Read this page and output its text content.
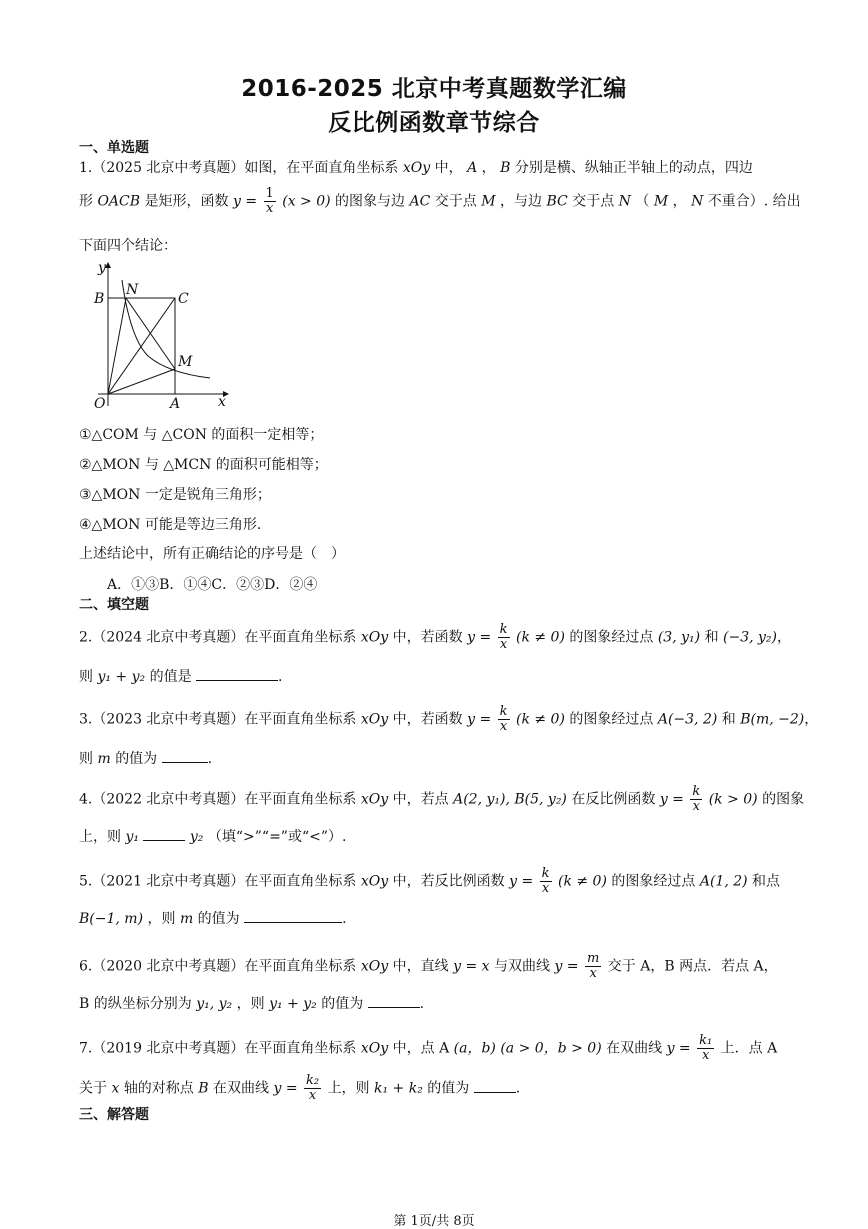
2016-2025 北京中考真题数学汇编
反比例函数章节综合
一、单选题
1.（2025 北京中考真题）如图，在平面直角坐标系 xOy 中， A ， B 分别是横、纵轴正半轴上的动点，四边
形 OACB 是矩形，函数 $y = \frac{1}{x} (x > 0)$ 的图象与边 AC 交于点 M ，与边 BC 交于点 N （ M ， N 不重合）. 给出
下面四个结论：
y
x
O	A
B	C
M
N
①△COM 与 △CON 的面积一定相等；
②△MON 与 △MCN 的面积可能相等；
③△MON 一定是锐角三角形；
④△MON 可能是等边三角形.
上述结论中，所有正确结论的序号是（　）
A．①③B．①④C．②③D．②④
二、填空题
2.（2024 北京中考真题）在平面直角坐标系 xOy 中，若函数 $y = \frac{k}{x} (k \ne 0)$ 的图象经过点 (3, y₁) 和 (−3, y₂)，
则 y₁ + y₂ 的值是	.
3.（2023 北京中考真题）在平面直角坐标系 xOy 中，若函数 $y = \frac{k}{x} (k \ne 0)$ 的图象经过点 A(−3, 2) 和 B(m, −2)，
则 m 的值为	.
4.（2022 北京中考真题）在平面直角坐标系 xOy 中，若点 A(2, y₁), B(5, y₂) 在反比例函数 $y = \frac{k}{x} (k > 0)$ 的图象
上，则 y₁	y₂ （填“>”“=”或“<”）.
5.（2021 北京中考真题）在平面直角坐标系 xOy 中，若反比例函数 $y = \frac{k}{x} (k \ne 0)$ 的图象经过点 A(1, 2) 和点
B(−1, m) ，则 m 的值为	.
6.（2020 北京中考真题）在平面直角坐标系 xOy 中，直线 y = x 与双曲线 $y = \frac{m}{x}$ 交于 A，B 两点．若点 A，
B 的纵坐标分别为 y₁, y₂ ，则 y₁ + y₂ 的值为	.
7.（2019 北京中考真题）在平面直角坐标系 xOy 中，点 A (a，b) (a > 0，b > 0) 在双曲线 $y = \frac{\text{k₁}}{x}$ 上．点 A
关于 x 轴的对称点 B 在双曲线 $y = \frac{\text{k₂}}{x}$ 上，则 k₁ + k₂ 的值为	.
三、解答题
第 1页/共 8页
